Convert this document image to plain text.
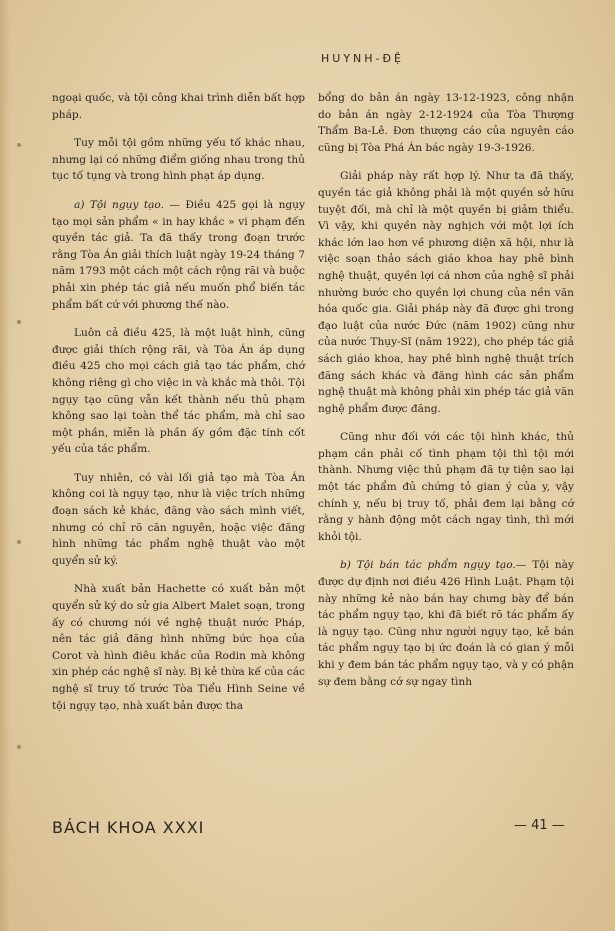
HUYNH-ĐỆ

ngoại quốc, và tội công khai trình diễn bất hợp pháp.

Tuy mỗi tội gồm những yếu tố khác nhau, nhưng lại có những điểm giống nhau trong thủ tục tố tụng và trong hình phạt áp dụng.

a) Tội ngụy tạo. — Điều 425 gọi là ngụy tạo mọi sản phẩm « in hay khắc » vi phạm đến quyền tác giả. Ta đã thấy trong đoạn trước rằng Tòa Án giải thích luật ngày 19-24 tháng 7 năm 1793 một cách một cách rộng rãi và buộc phải xin phép tác giả nếu muốn phổ biến tác phẩm bất cứ với phương thế nào.

Luôn cả điều 425, là một luật hình, cũng được giải thích rộng rãi, và Tòa Án áp dụng điều 425 cho mọi cách giả tạo tác phẩm, chớ không riêng gì cho việc in và khắc mà thôi. Tội ngụy tạo cũng vẫn kết thành nếu thủ phạm không sao lại toàn thể tác phẩm, mà chỉ sao một phần, miễn là phần ấy gồm đặc tính cốt yếu của tác phẩm.

Tuy nhiên, có vài lối giả tạo mà Tòa Án không coi là ngụy tạo, như là việc trích những đoạn sách kẻ khác, đăng vào sách mình viết, nhưng có chỉ rõ căn nguyên, hoặc việc đăng hình những tác phẩm nghệ thuật vào một quyển sử ký.

Nhà xuất bản Hachette có xuất bản một quyển sử ký do sử gia Albert Malet soạn, trong ấy có chương nói về nghệ thuật nước Pháp, nên tác giả đăng hình những bức họa của Corot và hình điêu khắc của Rodin mà không xin phép các nghệ sĩ này. Bị kẻ thừa kế của các nghệ sĩ truy tố trước Tòa Tiểu Hình Seine về tội ngụy tạo, nhà xuất bản được tha

bổng do bản án ngày 13-12-1923, công nhận do bản án ngày 2-12-1924 của Tòa Thượng Thẩm Ba-Lê. Đơn thượng cáo của nguyên cáo cũng bị Tòa Phá Án bác ngày 19-3-1926.

Giải pháp này rất hợp lý. Như ta đã thấy, quyền tác giả không phải là một quyền sở hữu tuyệt đối, mà chỉ là một quyền bị giảm thiểu. Vì vậy, khi quyền này nghịch với một lợi ích khác lớn lao hơn về phương diện xã hội, như là việc soạn thảo sách giáo khoa hay phê bình nghệ thuật, quyền lợi cá nhơn của nghệ sĩ phải nhường bước cho quyền lợi chung của nền văn hóa quốc gia. Giải pháp này đã được ghi trong đạo luật của nước Đức (năm 1902) cũng như của nước Thụy-Sĩ (năm 1922), cho phép tác giả sách giáo khoa, hay phê bình nghệ thuật trích đăng sách khác và đăng hình các sản phẩm nghệ thuật mà không phải xin phép tác giả văn nghệ phẩm được đăng.

Cũng như đối với các tội hình khác, thủ phạm cần phải cố tình phạm tội thì tội mới thành. Nhưng việc thủ phạm đã tự tiện sao lại một tác phẩm đủ chứng tỏ gian ý của y, vậy chính y, nếu bị truy tố, phải đem lại bằng cớ rằng y hành động một cách ngay tình, thì mới khỏi tội.

b) Tội bán tác phẩm ngụy tạo.— Tội này được dự định nơi điều 426 Hình Luật. Phạm tội này những kẻ nào bán hay chưng bày để bán tác phẩm ngụy tạo, khi đã biết rõ tác phẩm ấy là ngụy tạo. Cũng như người ngụy tạo, kẻ bán tác phẩm ngụy tạo bị ức đoán là có gian ý mỗi khi y đem bán tác phẩm ngụy tạo, và y có phận sự đem bằng cớ sự ngay tình

BÁCH KHOA XXXI	— 41 —
